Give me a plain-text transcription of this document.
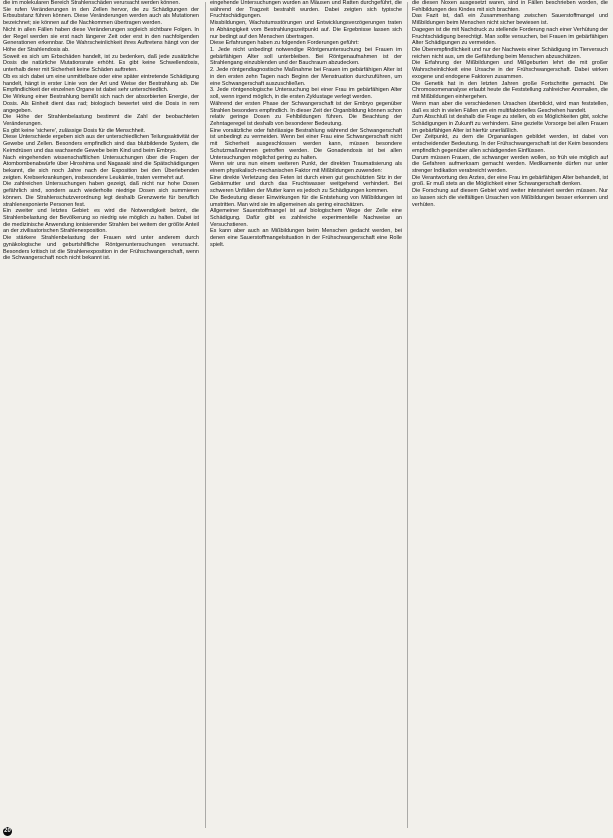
die im molekularen Bereich Strahlenschäden verursacht werden können.

Sie rufen Veränderungen in den Zellen hervor, die zu Schädigungen der Erbsubstanz führen können. Diese Veränderungen werden auch als Mutationen bezeichnet; sie können auf die Nachkommen übertragen werden.

Nicht in allen Fällen haben diese Veränderungen sogleich sichtbare Folgen. In der Regel werden sie erst nach längerer Zeit oder erst in den nachfolgenden Generationen erkennbar. Die Wahrscheinlichkeit ihres Auftretens hängt von der Höhe der Strahlendosis ab.

Soweit es sich um Erbschäden handelt, ist zu bedenken, daß jede zusätzliche Dosis die natürliche Mutationsrate erhöht. Es gibt keine Schwellendosis, unterhalb derer mit Sicherheit keine Schäden auftreten.

Ob es sich dabei um eine unmittelbare oder eine später eintretende Schädigung handelt, hängt in erster Linie von der Art und Weise der Bestrahlung ab. Die Empfindlichkeit der einzelnen Organe ist dabei sehr unterschiedlich.

Die Wirkung einer Bestrahlung bemißt sich nach der absorbierten Energie, der Dosis. Als Einheit dient das rad; biologisch bewertet wird die Dosis in rem angegeben.

Die Höhe der Strahlenbelastung bestimmt die Zahl der beobachteten Veränderungen.

Es gibt keine 'sichere', zulässige Dosis für die Menschheit.

Diese Unterschiede ergeben sich aus der unterschiedlichen Teilungsaktivität der Gewebe und Zellen. Besonders empfindlich sind das blutbildende System, die Keimdrüsen und das wachsende Gewebe beim Kind und beim Embryo.

Nach eingehenden wissenschaftlichen Untersuchungen über die Fragen der Atombombenabwürfe über Hiroshima und Nagasaki sind die Spätschädigungen bekannt, die sich noch Jahre nach der Exposition bei den Überlebenden zeigten. Krebserkrankungen, insbesondere Leukämie, traten vermehrt auf.

Die zahlreichen Untersuchungen haben gezeigt, daß nicht nur hohe Dosen gefährlich sind, sondern auch wiederholte niedrige Dosen sich summieren können. Die Strahlenschutzverordnung legt deshalb Grenzwerte für beruflich strahlenexponierte Personen fest.

Ein zweiter und letztes Gebiet: es wird die Notwendigkeit betont, die Strahlenbelastung der Bevölkerung so niedrig wie möglich zu halten. Dabei ist die medizinische Anwendung ionisierender Strahlen bei weitem der größte Anteil an der zivilisatorischen Strahlenexposition.

Die stärkere Strahlenbelastung der Frauen wird unter anderem durch gynäkologische und geburtshilfliche Röntgenuntersuchungen verursacht. Besonders kritisch ist die Strahlenexposition in der Frühschwangerschaft, wenn die Schwangerschaft noch nicht bekannt ist.

eingehende Untersuchungen wurden an Mäusen und Ratten durchgeführt, die während der Tragzeit bestrahlt wurden. Dabei zeigten sich typische Fruchtschädigungen.

Missbildungen, Wachstumsstörungen und Entwicklungsverzögerungen traten in Abhängigkeit vom Bestrahlungszeitpunkt auf. Die Ergebnisse lassen sich nur bedingt auf den Menschen übertragen.

Diese Erfahrungen haben zu folgenden Forderungen geführt:

1. Jede nicht unbedingt notwendige Röntgenuntersuchung bei Frauen im gebärfähigen Alter soll unterbleiben. Bei Röntgenaufnahmen ist der Strahlengang einzublenden und der Bauchraum abzudecken.

2. Jede röntgendiagnostische Maßnahme bei Frauen im gebärfähigen Alter ist in den ersten zehn Tagen nach Beginn der Menstruation durchzuführen, um eine Schwangerschaft auszuschließen.

3. Jede röntgenologische Untersuchung bei einer Frau im gebärfähigen Alter soll, wenn irgend möglich, in die ersten Zyklustage verlegt werden.

Während der ersten Phase der Schwangerschaft ist der Embryo gegenüber Strahlen besonders empfindlich. In dieser Zeit der Organbildung können schon relativ geringe Dosen zu Fehlbildungen führen. Die Beachtung der Zehntageregel ist deshalb von besonderer Bedeutung.

Eine vorsätzliche oder fahrlässige Bestrahlung während der Schwangerschaft ist unbedingt zu vermeiden. Wenn bei einer Frau eine Schwangerschaft nicht mit Sicherheit ausgeschlossen werden kann, müssen besondere Schutzmaßnahmen getroffen werden. Die Gonadendosis ist bei allen Untersuchungen möglichst gering zu halten.

Wenn wir uns nun einem weiteren Punkt, der direkten Traumatisierung als einem physikalisch-mechanischen Faktor mit Mißbildungen zuwenden:

Eine direkte Verletzung des Feten ist durch einen gut geschützten Sitz in der Gebärmutter und durch das Fruchtwasser weitgehend verhindert. Bei schweren Unfällen der Mutter kann es jedoch zu Schädigungen kommen.

Die Bedeutung dieser Einwirkungen für die Entstehung von Mißbildungen ist umstritten. Man wird sie im allgemeinen als gering einschätzen.

Allgemeiner Sauerstoffmangel ist auf biologischem Wege der Zelle eine Schädigung. Dafür gibt es zahlreiche experimentelle Nachweise an Versuchstieren.

Es kann aber auch an Mißbildungen beim Menschen gedacht werden, bei denen eine Sauerstoffmangelsituation in der Frühschwangerschaft eine Rolle spielt.

die diesen Noxen ausgesetzt waren, sind in Fällen beschrieben worden, die Fehlbildungen des Kindes mit sich brachten.

Das Fazit ist, daß ein Zusammenhang zwischen Sauerstoffmangel und Mißbildungen beim Menschen nicht sicher bewiesen ist.

Dagegen ist die mit Nachdruck zu stellende Forderung nach einer Verhütung der Fruchtschädigung berechtigt. Man sollte versuchen, bei Frauen im gebärfähigen Alter Schädigungen zu vermeiden.

Die Überempfindlichkeit und nur der Nachweis einer Schädigung im Tierversuch reichen nicht aus, um die Gefährdung beim Menschen abzuschätzen.

Die Erfahrung der Mißbildungen und Mißgeburten lehrt die mit großer Wahrscheinlichkeit eine Ursache in der Frühschwangerschaft. Dabei wirken exogene und endogene Faktoren zusammen.

Die Genetik hat in den letzten Jahren große Fortschritte gemacht. Die Chromosomenanalyse erlaubt heute die Feststellung zahlreicher Anomalien, die mit Mißbildungen einhergehen.

Wenn man aber die verschiedenen Ursachen überblickt, wird man feststellen, daß es sich in vielen Fällen um ein multifaktorielles Geschehen handelt.

Zum Abschluß ist deshalb die Frage zu stellen, ob es Möglichkeiten gibt, solche Schädigungen in Zukunft zu verhindern. Eine gezielte Vorsorge bei allen Frauen im gebärfähigen Alter ist hierfür unerläßlich.

Der Zeitpunkt, zu dem die Organanlagen gebildet werden, ist dabei von entscheidender Bedeutung. In der Frühschwangerschaft ist der Keim besonders empfindlich gegenüber allen schädigenden Einflüssen.

Darum müssen Frauen, die schwanger werden wollen, so früh wie möglich auf die Gefahren aufmerksam gemacht werden. Medikamente dürfen nur unter strenger Indikation verabreicht werden.

Die Verantwortung des Arztes, der eine Frau im gebärfähigen Alter behandelt, ist groß. Er muß stets an die Möglichkeit einer Schwangerschaft denken.

Die Forschung auf diesem Gebiet wird weiter intensiviert werden müssen. Nur so lassen sich die vielfältigen Ursachen von Mißbildungen besser erkennen und verhüten.

20
